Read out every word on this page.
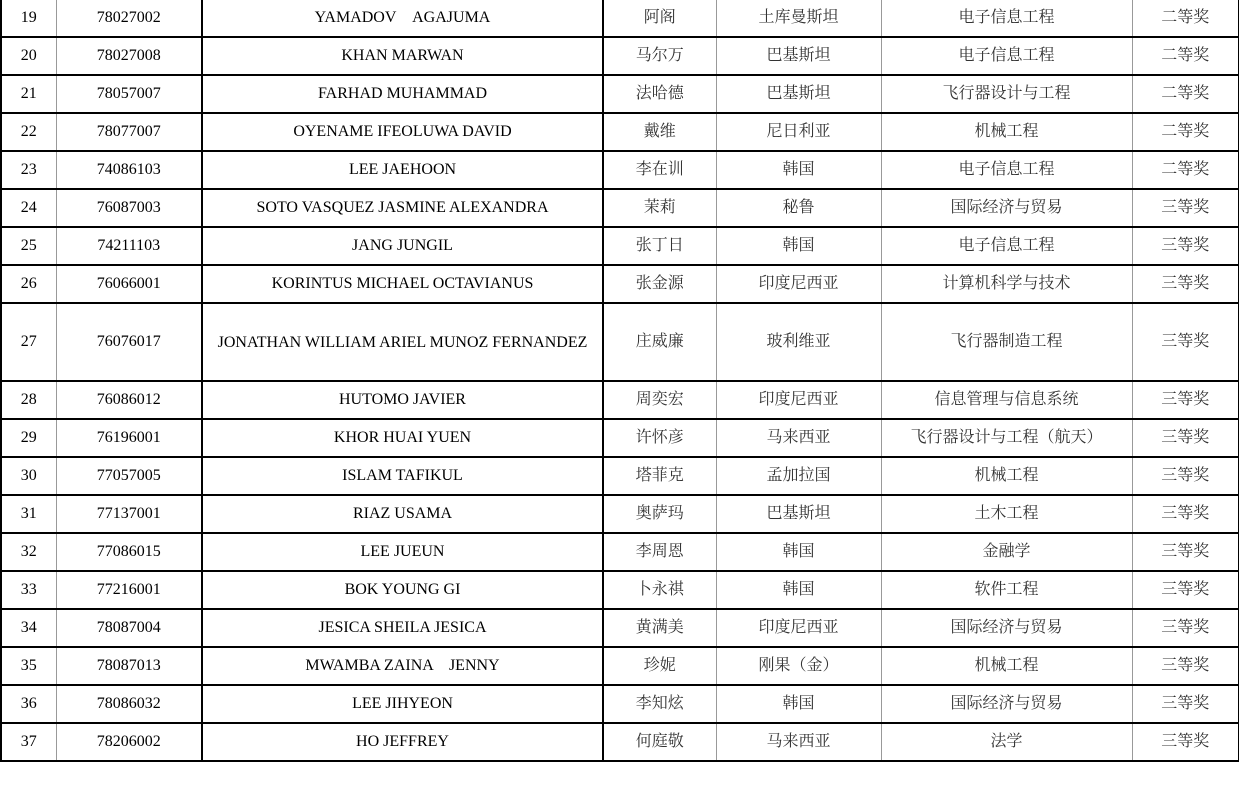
19	78027002	YAMADOV　AGAJUMA	阿阁	土库曼斯坦	电子信息工程	二等奖
20	78027008	KHAN MARWAN	马尔万	巴基斯坦	电子信息工程	二等奖
21	78057007	FARHAD MUHAMMAD	法哈德	巴基斯坦	飞行器设计与工程	二等奖
22	78077007	OYENAME IFEOLUWA DAVID	戴维	尼日利亚	机械工程	二等奖
23	74086103	LEE JAEHOON	李在训	韩国	电子信息工程	二等奖
24	76087003	SOTO VASQUEZ JASMINE ALEXANDRA	茉莉	秘鲁	国际经济与贸易	三等奖
25	74211103	JANG JUNGIL	张丁日	韩国	电子信息工程	三等奖
26	76066001	KORINTUS MICHAEL OCTAVIANUS	张金源	印度尼西亚	计算机科学与技术	三等奖
27	76076017	JONATHAN WILLIAM ARIEL MUNOZ FERNANDEZ	庄威廉	玻利维亚	飞行器制造工程	三等奖
28	76086012	HUTOMO JAVIER	周奕宏	印度尼西亚	信息管理与信息系统	三等奖
29	76196001	KHOR HUAI YUEN	许怀彦	马来西亚	飞行器设计与工程（航天）	三等奖
30	77057005	ISLAM TAFIKUL	塔菲克	孟加拉国	机械工程	三等奖
31	77137001	RIAZ USAMA	奥萨玛	巴基斯坦	土木工程	三等奖
32	77086015	LEE JUEUN	李周恩	韩国	金融学	三等奖
33	77216001	BOK YOUNG GI	卜永祺	韩国	软件工程	三等奖
34	78087004	JESICA SHEILA JESICA	黄满美	印度尼西亚	国际经济与贸易	三等奖
35	78087013	MWAMBA ZAINA　JENNY	珍妮	刚果（金）	机械工程	三等奖
36	78086032	LEE JIHYEON	李知炫	韩国	国际经济与贸易	三等奖
37	78206002	HO JEFFREY	何庭敬	马来西亚	法学	三等奖
